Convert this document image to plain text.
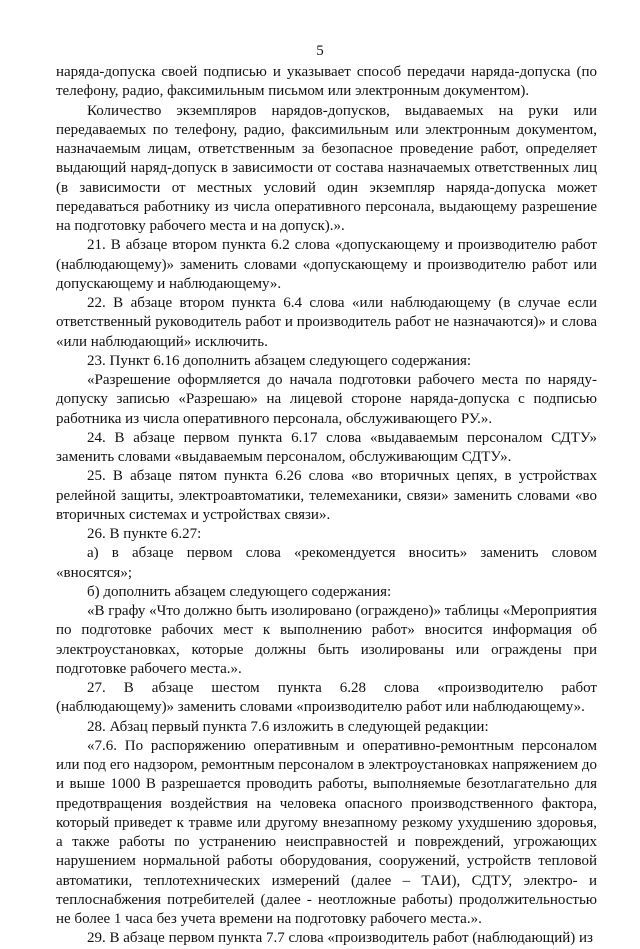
5

наряда-допуска своей подписью и указывает способ передачи наряда-допуска (по телефону, радио, факсимильным письмом или электронным документом).

Количество экземпляров нарядов-допусков, выдаваемых на руки или передаваемых по телефону, радио, факсимильным или электронным документом, назначаемым лицам, ответственным за безопасное проведение работ, определяет выдающий наряд-допуск в зависимости от состава назначаемых ответственных лиц (в зависимости от местных условий один экземпляр наряда-допуска может передаваться работнику из числа оперативного персонала, выдающему разрешение на подготовку рабочего места и на допуск).».

21. В абзаце втором пункта 6.2 слова «допускающему и производителю работ (наблюдающему)» заменить словами «допускающему и производителю работ или допускающему и наблюдающему».

22. В абзаце втором пункта 6.4 слова «или наблюдающему (в случае если ответственный руководитель работ и производитель работ не назначаются)» и слова «или наблюдающий» исключить.

23. Пункт 6.16 дополнить абзацем следующего содержания:

«Разрешение оформляется до начала подготовки рабочего места по наряду-допуску записью «Разрешаю» на лицевой стороне наряда-допуска с подписью работника из числа оперативного персонала, обслуживающего РУ.».

24. В абзаце первом пункта 6.17 слова «выдаваемым персоналом СДТУ» заменить словами «выдаваемым персоналом, обслуживающим СДТУ».

25. В абзаце пятом пункта 6.26 слова «во вторичных цепях, в устройствах релейной защиты, электроавтоматики, телемеханики, связи» заменить словами «во вторичных системах и устройствах связи».

26. В пункте 6.27:

а) в абзаце первом слова «рекомендуется вносить» заменить словом «вносятся»;

б) дополнить абзацем следующего содержания:

«В графу «Что должно быть изолировано (ограждено)» таблицы «Мероприятия по подготовке рабочих мест к выполнению работ» вносится информация об электроустановках, которые должны быть изолированы или ограждены при подготовке рабочего места.».

27. В абзаце шестом пункта 6.28 слова «производителю работ (наблюдающему)» заменить словами «производителю работ или наблюдающему».

28. Абзац первый пункта 7.6 изложить в следующей редакции:

«7.6. По распоряжению оперативным и оперативно-ремонтным персоналом или под его надзором, ремонтным персоналом в электроустановках напряжением до и выше 1000 В разрешается проводить работы, выполняемые безотлагательно для предотвращения воздействия на человека опасного производственного фактора, который приведет к травме или другому внезапному резкому ухудшению здоровья, а также работы по устранению неисправностей и повреждений, угрожающих нарушением нормальной работы оборудования, сооружений, устройств тепловой автоматики, теплотехнических измерений (далее – ТАИ), СДТУ, электро- и теплоснабжения потребителей (далее - неотложные работы) продолжительностью не более 1 часа без учета времени на подготовку рабочего места.».

29. В абзаце первом пункта 7.7 слова «производитель работ (наблюдающий) из
